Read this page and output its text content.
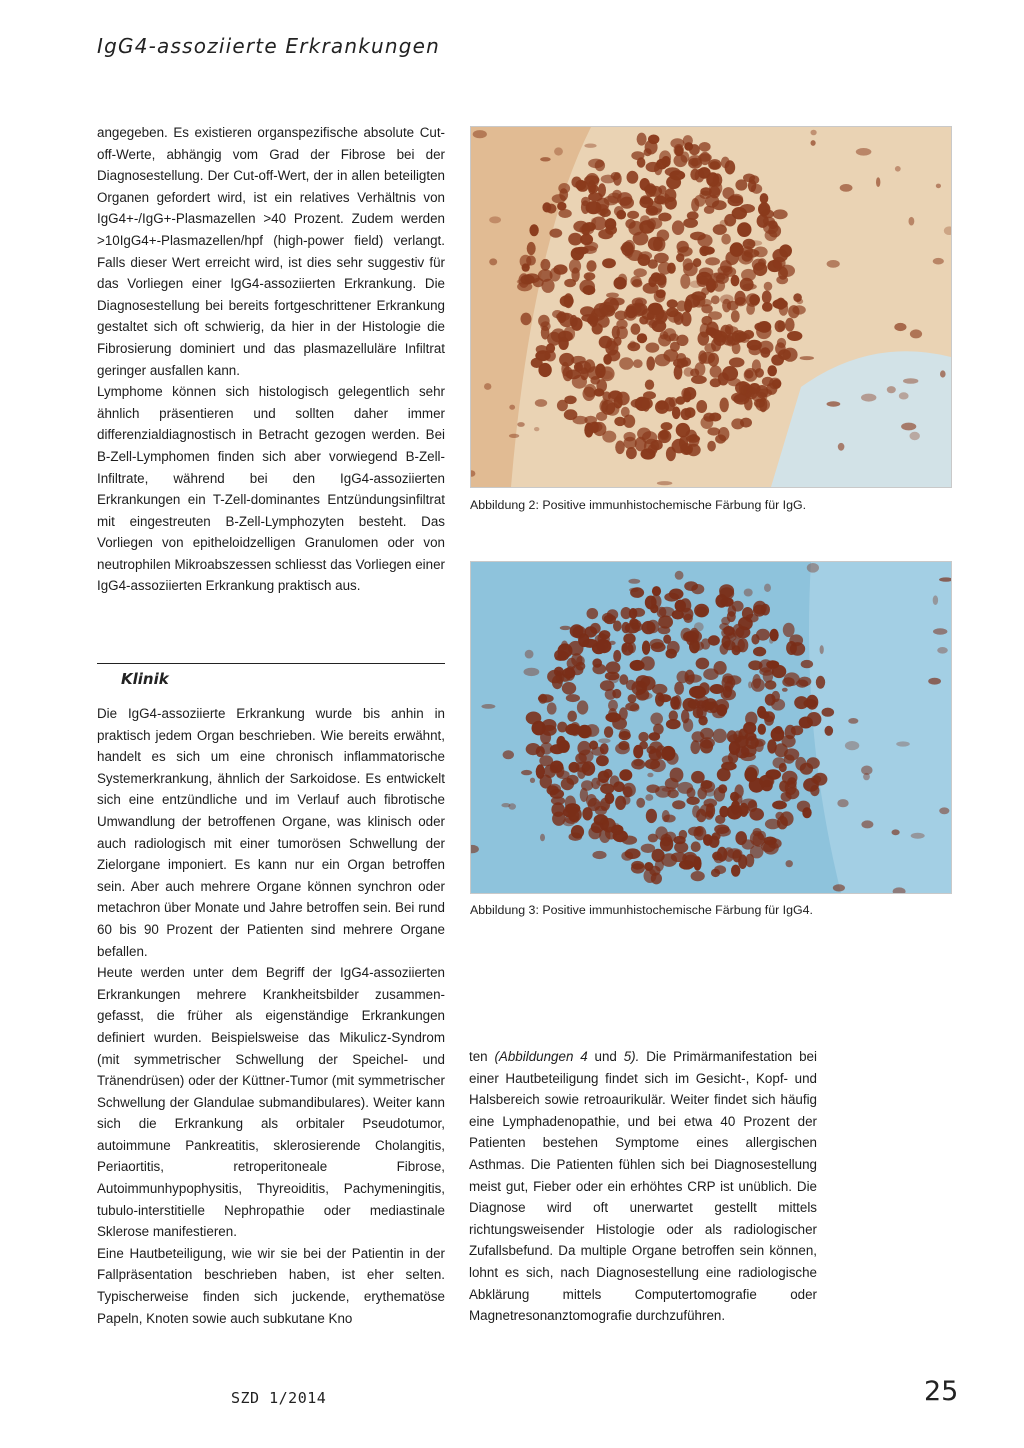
IgG4-assoziierte Erkrankungen

angegeben. Es existieren organspezifische absolute Cut-off-Werte, abhängig vom Grad der Fibrose bei der Diagnosestellung. Der Cut-off-Wert, der in allen beteiligten Organen gefordert wird, ist ein relatives Verhältnis von IgG4+-/IgG+-Plasmazellen >40 Prozent. Zudem werden >10IgG4+-Plasmazellen/hpf (high-power field) verlangt. Falls dieser Wert erreicht wird, ist dies sehr suggestiv für das Vorliegen einer IgG4-assoziierten Erkrankung. Die Diagnosestellung bei bereits fortgeschrittener Erkrankung gestaltet sich oft schwierig, da hier in der Histologie die Fibrosierung dominiert und das plasmazelluläre Infiltrat geringer ausfallen kann.

Lymphome können sich histologisch gelegentlich sehr ähnlich präsentieren und sollten daher immer differenzialdiagnostisch in Betracht gezogen werden. Bei B-Zell-Lymphomen finden sich aber vorwiegend B-Zell-Infiltrate, während bei den IgG4-assoziierten Erkrankungen ein T-Zell-dominantes Entzündungsinfiltrat mit eingestreuten B-Zell-Lymphozyten besteht. Das Vorliegen von epitheloidzelligen Granulomen oder von neutrophilen Mikroabszessen schliesst das Vorliegen einer IgG4-assoziierten Erkrankung praktisch aus.

Klinik

Die IgG4-assoziierte Erkrankung wurde bis anhin in praktisch jedem Organ beschrieben. Wie bereits erwähnt, handelt es sich um eine chronisch inflammatorische Systemerkrankung, ähnlich der Sarkoidose. Es entwickelt sich eine entzündliche und im Verlauf auch fibrotische Umwandlung der betroffenen Organe, was klinisch oder auch radiologisch mit einer tumorösen Schwellung der Zielorgane imponiert. Es kann nur ein Organ betroffen sein. Aber auch mehrere Organe können synchron oder metachron über Monate und Jahre betroffen sein. Bei rund 60 bis 90 Prozent der Patienten sind mehrere Organe befallen.

Heute werden unter dem Begriff der IgG4-assoziierten Erkrankungen mehrere Krankheitsbilder zusammengefasst, die früher als eigenständige Erkrankungen definiert wurden. Beispielsweise das Mikulicz-Syndrom (mit symmetrischer Schwellung der Speichel- und Tränendrüsen) oder der Küttner-Tumor (mit symmetrischer Schwellung der Glandulae submandibulares). Weiter kann sich die Erkrankung als orbitaler Pseudotumor, autoimmune Pankreatitis, sklerosierende Cholangitis, Periaortitis, retroperitoneale Fibrose, Autoimmunhypophysitis, Thyreoiditis, Pachymeningitis, tubulo-interstitielle Nephropathie oder mediastinale Sklerose manifestieren.

Eine Hautbeteiligung, wie wir sie bei der Patientin in der Fallpräsentation beschrieben haben, ist eher selten. Typischerweise finden sich juckende, erythematöse Papeln, Knoten sowie auch subkutane Kno

Abbildung 2: Positive immunhistochemische Färbung für IgG.
Abbildung 3: Positive immunhistochemische Färbung für IgG4.

ten (Abbildungen 4 und 5). Die Primärmanifestation bei einer Hautbeteiligung findet sich im Gesicht-, Kopf- und Halsbereich sowie retroaurikulär. Weiter findet sich häufig eine Lymphadenopathie, und bei etwa 40 Prozent der Patienten bestehen Symptome eines allergischen Asthmas. Die Patienten fühlen sich bei Diagnosestellung meist gut, Fieber oder ein erhöhtes CRP ist unüblich. Die Diagnose wird oft unerwartet gestellt mittels richtungsweisender Histologie oder als radiologischer Zufallsbefund. Da multiple Organe betroffen sein können, lohnt es sich, nach Diagnosestellung eine radiologische Abklärung mittels Computertomografie oder Magnetresonanztomografie durchzuführen.

SZD 1/2014	25
